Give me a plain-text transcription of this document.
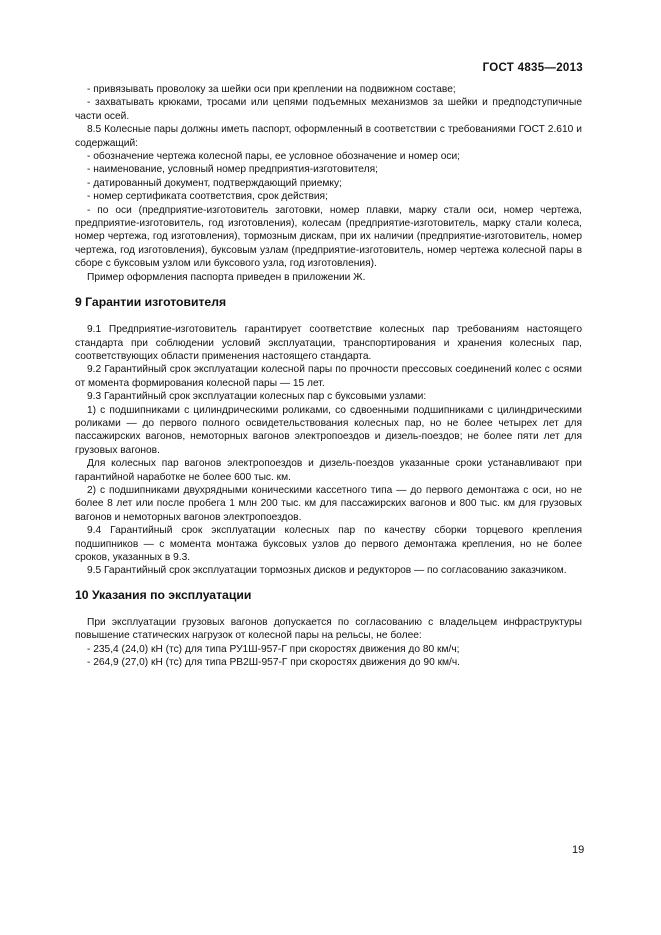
ГОСТ 4835—2013

- привязывать проволоку за шейки оси при креплении на подвижном составе;

- захватывать крюками, тросами или цепями подъемных механизмов за шейки и предподступичные части осей.

8.5 Колесные пары должны иметь паспорт, оформленный в соответствии с требованиями ГОСТ 2.610 и содержащий:

- обозначение чертежа колесной пары, ее условное обозначение и номер оси;

- наименование, условный номер предприятия-изготовителя;

- датированный документ, подтверждающий приемку;

- номер сертификата соответствия, срок действия;

- по оси (предприятие-изготовитель заготовки, номер плавки, марку стали оси, номер чертежа, предприятие-изготовитель, год изготовления), колесам (предприятие-изготовитель, марку стали колеса, номер чертежа, год изготовления), тормозным дискам, при их наличии (предприятие-изготовитель, номер чертежа, год изготовления), буксовым узлам (предприятие-изготовитель, номер чертежа колесной пары в сборе с буксовым узлом или буксового узла, год изготовления).

Пример оформления паспорта приведен в приложении Ж.

9 Гарантии изготовителя

9.1 Предприятие-изготовитель гарантирует соответствие колесных пар требованиям настоящего стандарта при соблюдении условий эксплуатации, транспортирования и хранения колесных пар, соответствующих области применения настоящего стандарта.

9.2 Гарантийный срок эксплуатации колесной пары по прочности прессовых соединений колес с осями от момента формирования колесной пары — 15 лет.

9.3 Гарантийный срок эксплуатации колесных пар с буксовыми узлами:

1) с подшипниками с цилиндрическими роликами, со сдвоенными подшипниками с цилиндрическими роликами — до первого полного освидетельствования колесных пар, но не более четырех лет для пассажирских вагонов, немоторных вагонов электропоездов и дизель-поездов; не более пяти лет для грузовых вагонов.

Для колесных пар вагонов электропоездов и дизель-поездов указанные сроки устанавливают при гарантийной наработке не более 600 тыс. км.

2) с подшипниками двухрядными коническими кассетного типа — до первого демонтажа с оси, но не более 8 лет или после пробега 1 млн 200 тыс. км для пассажирских вагонов и 800 тыс. км для грузовых вагонов и немоторных вагонов электропоездов.

9.4 Гарантийный срок эксплуатации колесных пар по качеству сборки торцевого крепления подшипников — с момента монтажа буксовых узлов до первого демонтажа крепления, но не более сроков, указанных в 9.3.

9.5 Гарантийный срок эксплуатации тормозных дисков и редукторов — по согласованию заказчиком.

10 Указания по эксплуатации

При эксплуатации грузовых вагонов допускается по согласованию с владельцем инфраструктуры повышение статических нагрузок от колесной пары на рельсы, не более:

- 235,4 (24,0) кН (тс) для типа РУ1Ш-957-Г при скоростях движения до 80 км/ч;

- 264,9 (27,0) кН (тс) для типа РВ2Ш-957-Г при скоростях движения до 90 км/ч.

19
